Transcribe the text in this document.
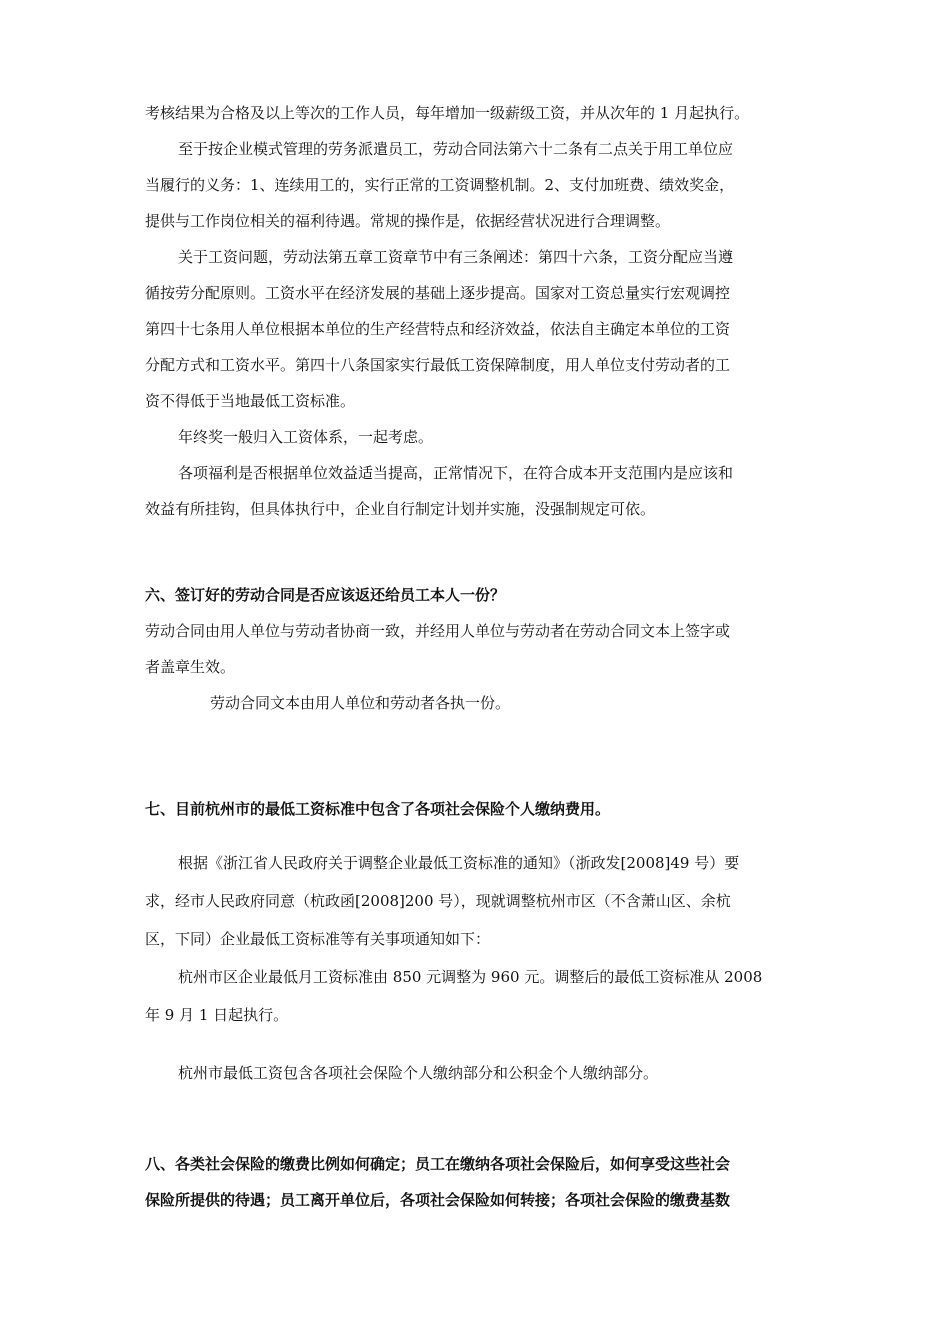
考核结果为合格及以上等次的工作人员，每年增加一级薪级工资，并从次年的 1 月起执行。
至于按企业模式管理的劳务派遣员工，劳动合同法第六十二条有二点关于用工单位应
当履行的义务：1、连续用工的，实行正常的工资调整机制。2、支付加班费、绩效奖金，
提供与工作岗位相关的福利待遇。常规的操作是，依据经营状况进行合理调整。
关于工资问题，劳动法第五章工资章节中有三条阐述：第四十六条，工资分配应当遵
循按劳分配原则。工资水平在经济发展的基础上逐步提高。国家对工资总量实行宏观调控
第四十七条用人单位根据本单位的生产经营特点和经济效益，依法自主确定本单位的工资
分配方式和工资水平。第四十八条国家实行最低工资保障制度，用人单位支付劳动者的工
资不得低于当地最低工资标准。
年终奖一般归入工资体系，一起考虑。
各项福利是否根据单位效益适当提高，正常情况下，在符合成本开支范围内是应该和
效益有所挂钩，但具体执行中，企业自行制定计划并实施，没强制规定可依。
六、签订好的劳动合同是否应该返还给员工本人一份？
劳动合同由用人单位与劳动者协商一致，并经用人单位与劳动者在劳动合同文本上签字或
者盖章生效。
劳动合同文本由用人单位和劳动者各执一份。
七、目前杭州市的最低工资标准中包含了各项社会保险个人缴纳费用。
根据《浙江省人民政府关于调整企业最低工资标准的通知》（浙政发[2008]49 号）要
求，经市人民政府同意（杭政函[2008]200 号），现就调整杭州市区（不含萧山区、余杭
区，下同）企业最低工资标准等有关事项通知如下：
杭州市区企业最低月工资标准由 850 元调整为 960 元。调整后的最低工资标准从 2008
年 9 月 1 日起执行。
杭州市最低工资包含各项社会保险个人缴纳部分和公积金个人缴纳部分。
八、各类社会保险的缴费比例如何确定；员工在缴纳各项社会保险后，如何享受这些社会
保险所提供的待遇；员工离开单位后，各项社会保险如何转接；各项社会保险的缴费基数
